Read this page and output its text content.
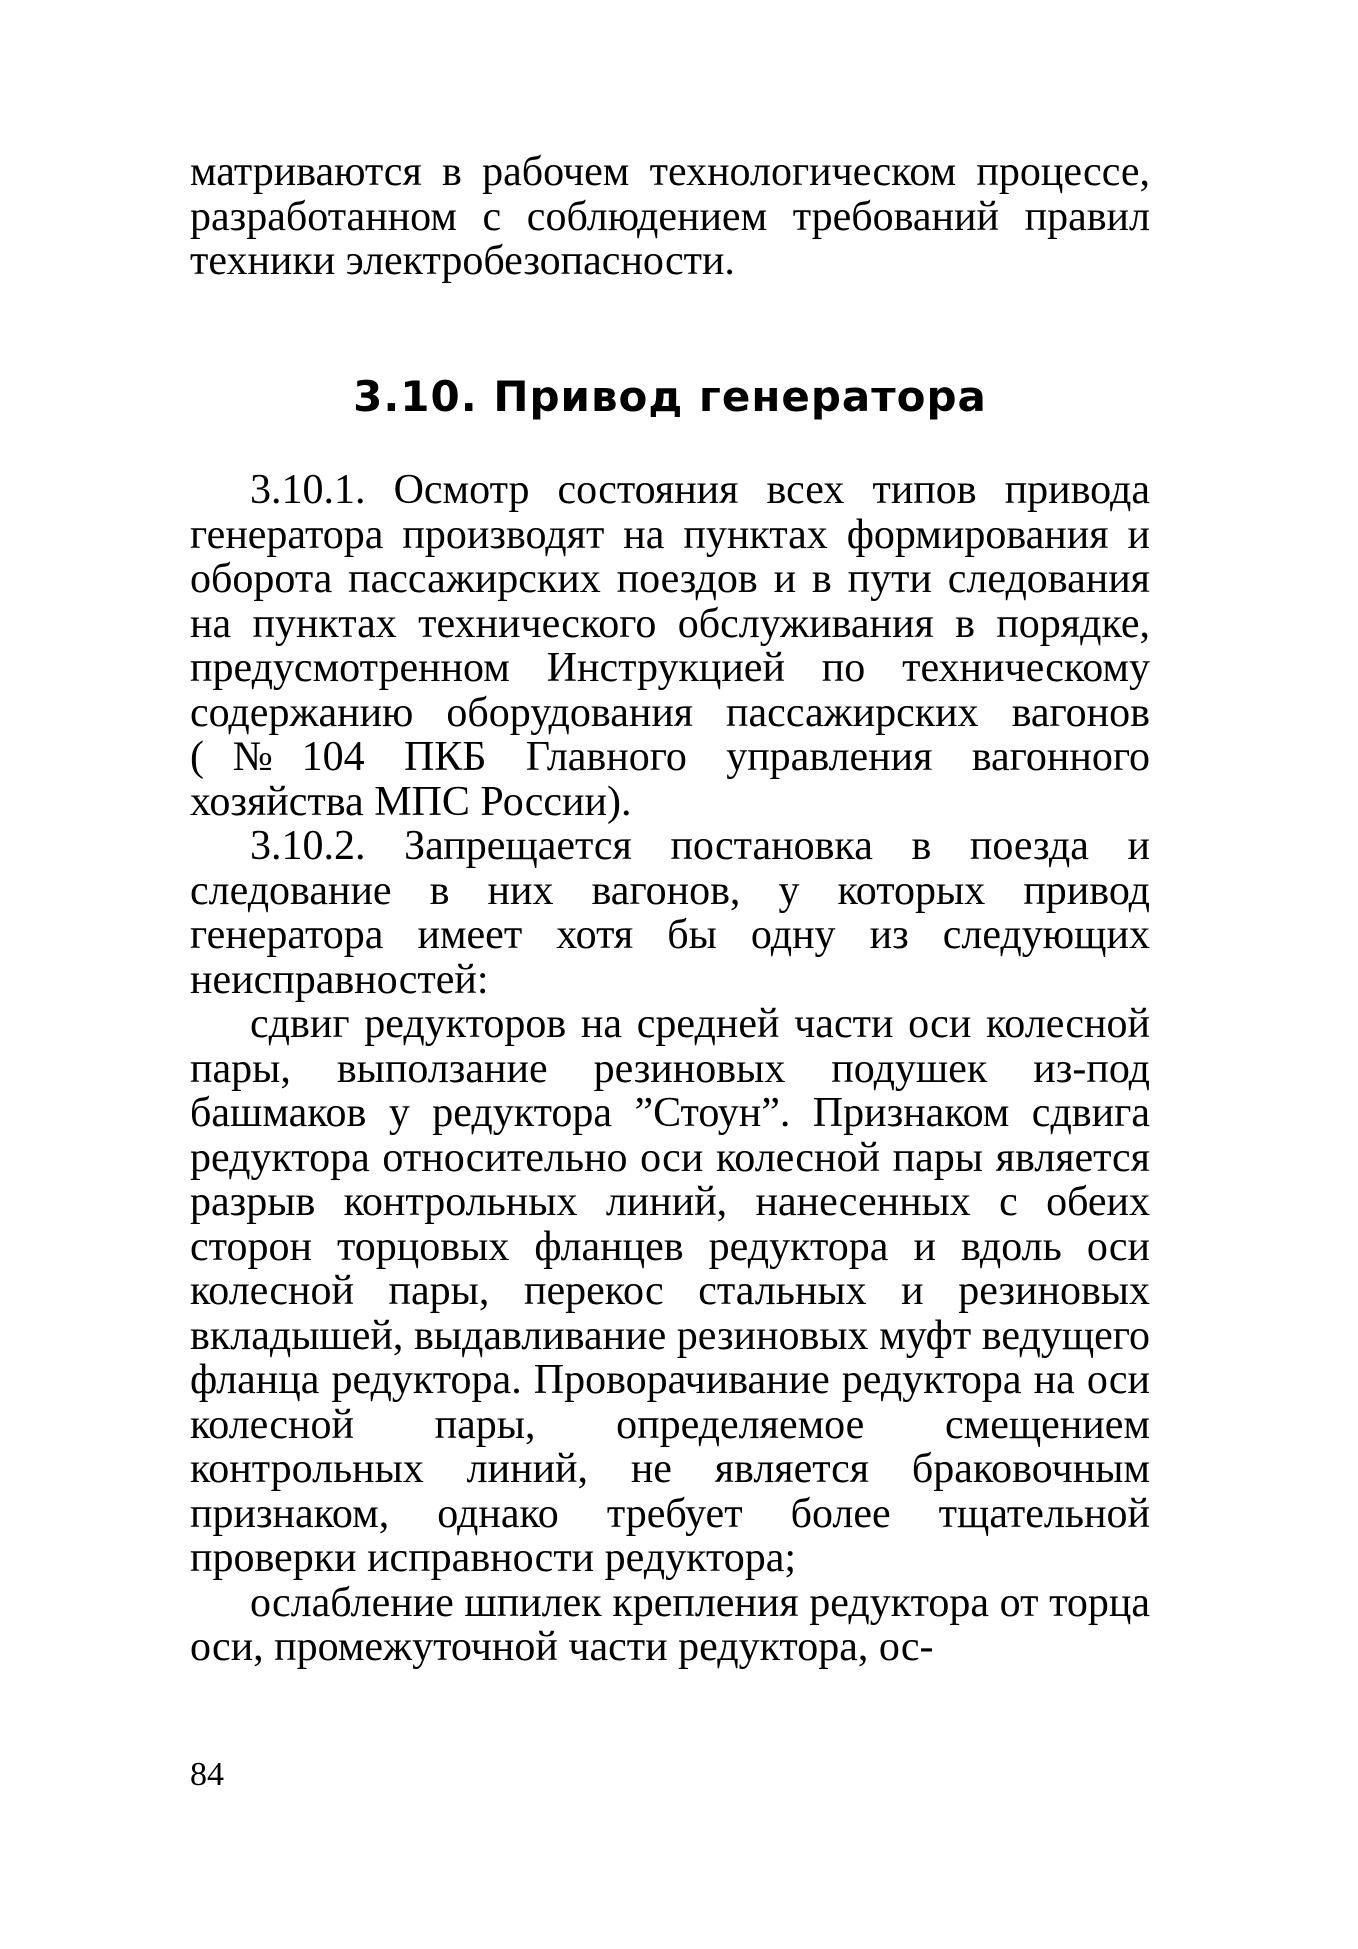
матриваются в рабочем технологическом процессе, разработанном с соблюдением требований правил техники электробезопасности.

3.10. Привод генератора

3.10.1. Осмотр состояния всех типов привода генератора производят на пунктах формирования и оборота пассажирских поездов и в пути следования на пунктах технического обслуживания в порядке, предусмотренном Инструкцией по техническому содержанию оборудования пассажирских вагонов (№104 ПКБ Главного управления вагонного хозяйства МПС России).

3.10.2. Запрещается постановка в поезда и следование в них вагонов, у которых привод генератора имеет хотя бы одну из следующих неисправностей:

сдвиг редукторов на средней части оси колесной пары, выползание резиновых подушек из-под башмаков у редуктора ”Стоун”. Признаком сдвига редуктора относительно оси колесной пары является разрыв контрольных линий, нанесенных с обеих сторон торцовых фланцев редуктора и вдоль оси колесной пары, перекос стальных и резиновых вкладышей, выдавливание резиновых муфт ведущего фланца редуктора. Проворачивание редуктора на оси колесной пары, определяемое смещением контрольных линий, не является браковочным признаком, однако требует более тщательной проверки исправности редуктора;

ослабление шпилек крепления редуктора от торца оси, промежуточной части редуктора, ос-

84
